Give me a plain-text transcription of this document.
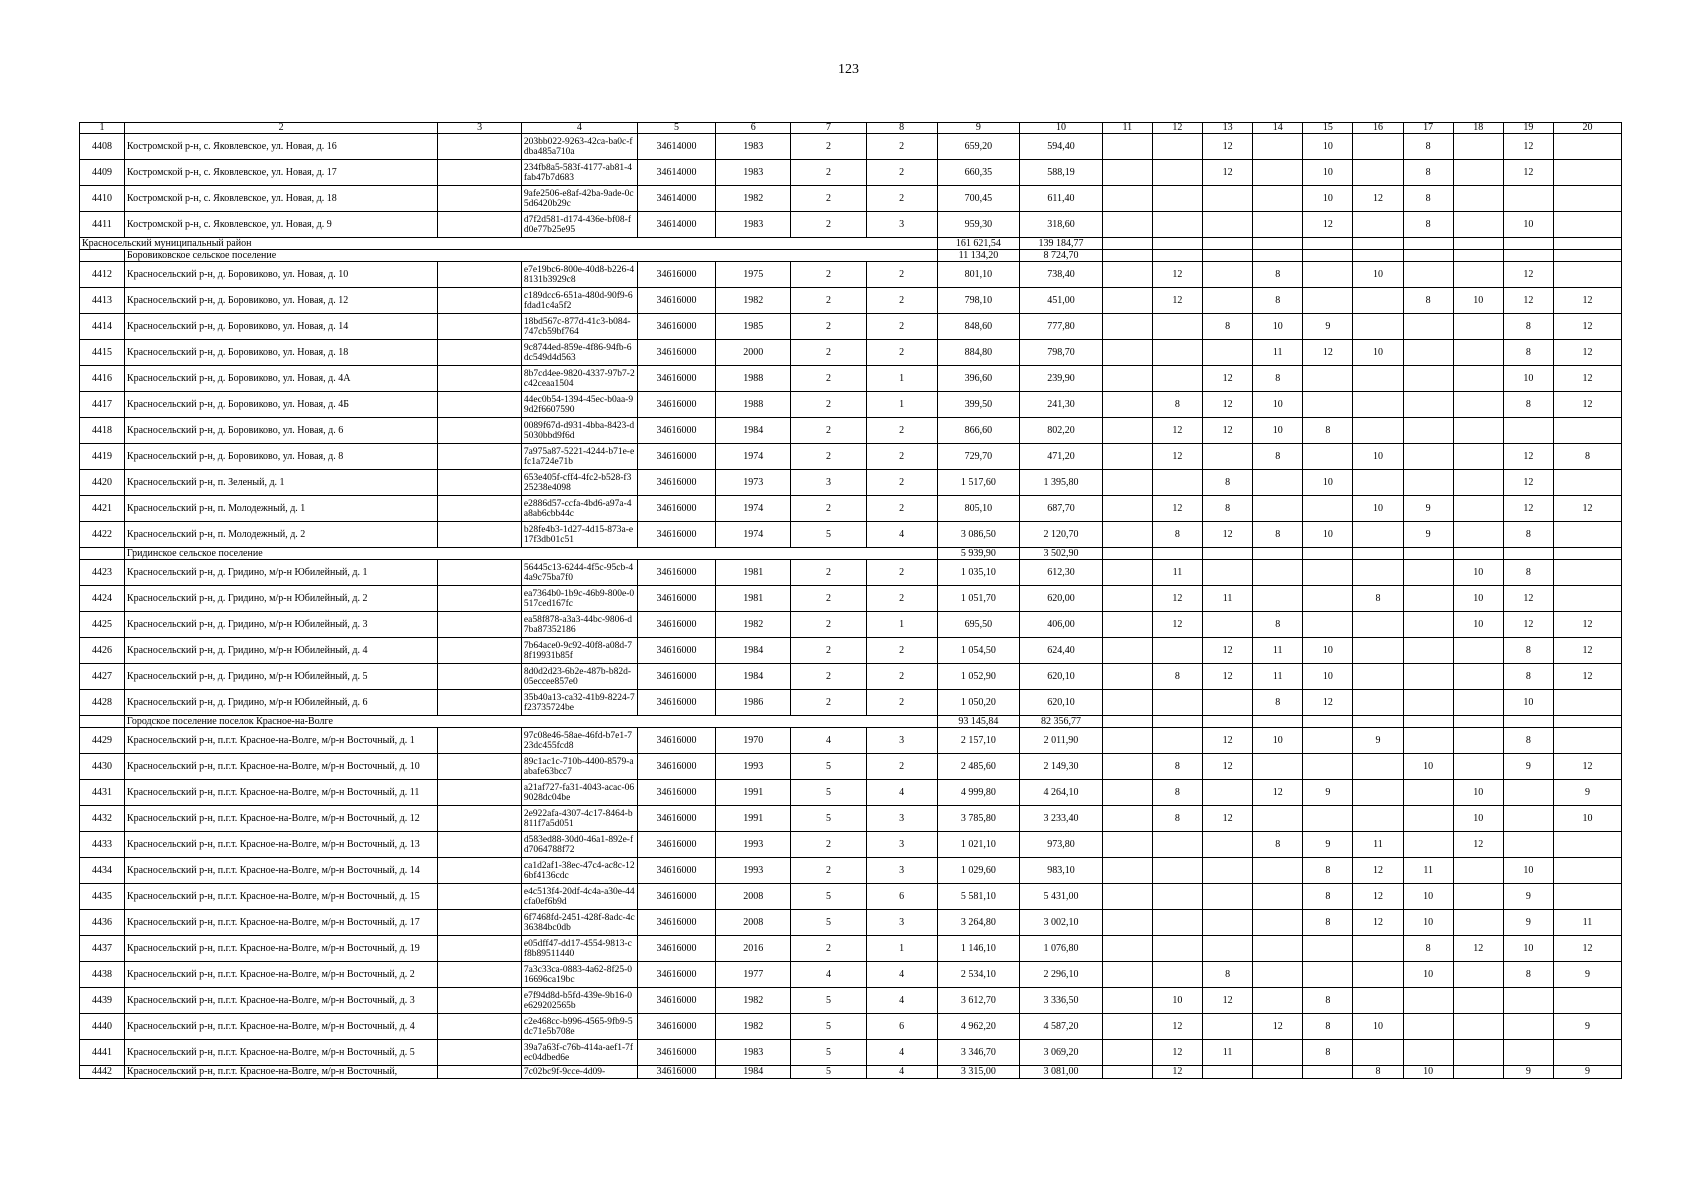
123
1	2	3	4	5	6	7	8	9	10	11	12	13	14	15	16	17	18	19	20
4408	Костромской р-н, с. Яковлевское, ул. Новая, д. 16		203bb022-9263-42ca-ba0c-fdba485a710a	34614000	1983	2	2	659,20	594,40			12		10		8		12	
4409	Костромской р-н, с. Яковлевское, ул. Новая, д. 17		234fb8a5-583f-4177-ab81-4fab47b7d683	34614000	1983	2	2	660,35	588,19			12		10		8		12	
4410	Костромской р-н, с. Яковлевское, ул. Новая, д. 18		9afe2506-e8af-42ba-9ade-0c5d6420b29c	34614000	1982	2	2	700,45	611,40					10	12	8			
4411	Костромской р-н, с. Яковлевское, ул. Новая, д. 9		d7f2d581-d174-436e-bf08-fd0e77b25e95	34614000	1983	2	3	959,30	318,60					12		8		10	
Красносельский муниципальный район								161 621,54	139 184,77										
	Боровиковское сельское поселение							11 134,20	8 724,70										
4412	Красносельский р-н, д. Боровиково, ул. Новая, д. 10		e7e19bc6-800e-40d8-b226-48131b3929c8	34616000	1975	2	2	801,10	738,40		12		8		10			12	
4413	Красносельский р-н, д. Боровиково, ул. Новая, д. 12		c189dcc6-651a-480d-90f9-6fdad1c4a5f2	34616000	1982	2	2	798,10	451,00		12		8			8	10	12	12
4414	Красносельский р-н, д. Боровиково, ул. Новая, д. 14		18bd567c-877d-41c3-b084-747cb59bf764	34616000	1985	2	2	848,60	777,80			8	10	9				8	12
4415	Красносельский р-н, д. Боровиково, ул. Новая, д. 18		9c8744ed-859e-4f86-94fb-6dc549d4d563	34616000	2000	2	2	884,80	798,70				11	12	10			8	12
4416	Красносельский р-н, д. Боровиково, ул. Новая, д. 4А		8b7cd4ee-9820-4337-97b7-2c42ceaa1504	34616000	1988	2	1	396,60	239,90			12	8					10	12
4417	Красносельский р-н, д. Боровиково, ул. Новая, д. 4Б		44ec0b54-1394-45ec-b0aa-99d2f6607590	34616000	1988	2	1	399,50	241,30		8	12	10					8	12
4418	Красносельский р-н, д. Боровиково, ул. Новая, д. 6		0089f67d-d931-4bba-8423-d5030bbd9f6d	34616000	1984	2	2	866,60	802,20		12	12	10	8					
4419	Красносельский р-н, д. Боровиково, ул. Новая, д. 8		7a975a87-5221-4244-b71e-efc1a724e71b	34616000	1974	2	2	729,70	471,20		12		8		10			12	8
4420	Красносельский р-н, п. Зеленый, д. 1		653e405f-cff4-4fc2-b528-f325238e4098	34616000	1973	3	2	1 517,60	1 395,80			8		10				12	
4421	Красносельский р-н, п. Молодежный, д. 1		e2886d57-ccfa-4bd6-a97a-4a8ab6cbb44c	34616000	1974	2	2	805,10	687,70		12	8			10	9		12	12
4422	Красносельский р-н, п. Молодежный, д. 2		b28fe4b3-1d27-4d15-873a-e17f3db01c51	34616000	1974	5	4	3 086,50	2 120,70		8	12	8	10		9		8	
	Гридинское сельское поселение							5 939,90	3 502,90										
4423	Красносельский р-н, д. Гридино, м/р-н Юбилейный, д. 1		56445c13-6244-4f5c-95cb-44a9c75ba7f0	34616000	1981	2	2	1 035,10	612,30		11						10	8	
4424	Красносельский р-н, д. Гридино, м/р-н Юбилейный, д. 2		ea7364b0-1b9c-46b9-800e-0517ced167fc	34616000	1981	2	2	1 051,70	620,00		12	11			8		10	12	
4425	Красносельский р-н, д. Гридино, м/р-н Юбилейный, д. 3		ea58f878-a3a3-44bc-9806-d7ba87352186	34616000	1982	2	1	695,50	406,00		12		8				10	12	12
4426	Красносельский р-н, д. Гридино, м/р-н Юбилейный, д. 4		7b64ace0-9c92-40f8-a08d-78f19931b85f	34616000	1984	2	2	1 054,50	624,40			12	11	10				8	12
4427	Красносельский р-н, д. Гридино, м/р-н Юбилейный, д. 5		8d0d2d23-6b2e-487b-b82d-05eccee857e0	34616000	1984	2	2	1 052,90	620,10		8	12	11	10				8	12
4428	Красносельский р-н, д. Гридино, м/р-н Юбилейный, д. 6		35b40a13-ca32-41b9-8224-7f23735724be	34616000	1986	2	2	1 050,20	620,10				8	12				10	
	Городское поселение поселок Красное-на-Волге							93 145,84	82 356,77										
4429	Красносельский р-н, п.г.т. Красное-на-Волге, м/р-н Восточный, д. 1		97c08e46-58ae-46fd-b7e1-723dc455fcd8	34616000	1970	4	3	2 157,10	2 011,90			12	10		9			8	
4430	Красносельский р-н, п.г.т. Красное-на-Волге, м/р-н Восточный, д. 10		89c1ac1c-710b-4400-8579-aabafe63bcc7	34616000	1993	5	2	2 485,60	2 149,30		8	12				10		9	12
4431	Красносельский р-н, п.г.т. Красное-на-Волге, м/р-н Восточный, д. 11		a21af727-fa31-4043-acac-069028dc04be	34616000	1991	5	4	4 999,80	4 264,10		8		12	9			10		9
4432	Красносельский р-н, п.г.т. Красное-на-Волге, м/р-н Восточный, д. 12		2e922afa-4307-4c17-8464-b811f7a5d051	34616000	1991	5	3	3 785,80	3 233,40		8	12					10		10
4433	Красносельский р-н, п.г.т. Красное-на-Волге, м/р-н Восточный, д. 13		d583ed88-30d0-46a1-892e-fd7064788f72	34616000	1993	2	3	1 021,10	973,80				8	9	11		12		
4434	Красносельский р-н, п.г.т. Красное-на-Волге, м/р-н Восточный, д. 14		ca1d2af1-38ec-47c4-ac8c-126bf4136cdc	34616000	1993	2	3	1 029,60	983,10					8	12	11		10	
4435	Красносельский р-н, п.г.т. Красное-на-Волге, м/р-н Восточный, д. 15		e4c513f4-20df-4c4a-a30e-44cfa0ef6b9d	34616000	2008	5	6	5 581,10	5 431,00					8	12	10		9	
4436	Красносельский р-н, п.г.т. Красное-на-Волге, м/р-н Восточный, д. 17		6f7468fd-2451-428f-8adc-4c36384bc0db	34616000	2008	5	3	3 264,80	3 002,10					8	12	10		9	11
4437	Красносельский р-н, п.г.т. Красное-на-Волге, м/р-н Восточный, д. 19		e05dff47-dd17-4554-9813-cf8b89511440	34616000	2016	2	1	1 146,10	1 076,80							8	12	10	12
4438	Красносельский р-н, п.г.т. Красное-на-Волге, м/р-н Восточный, д. 2		7a3c33ca-0883-4a62-8f25-016696ca19bc	34616000	1977	4	4	2 534,10	2 296,10			8				10		8	9
4439	Красносельский р-н, п.г.т. Красное-на-Волге, м/р-н Восточный, д. 3		e7f94d8d-b5fd-439e-9b16-0e629202565b	34616000	1982	5	4	3 612,70	3 336,50		10	12		8					
4440	Красносельский р-н, п.г.т. Красное-на-Волге, м/р-н Восточный, д. 4		c2e468cc-b996-4565-9fb9-5dc71e5b708e	34616000	1982	5	6	4 962,20	4 587,20		12		12	8	10				9
4441	Красносельский р-н, п.г.т. Красное-на-Волге, м/р-н Восточный, д. 5		39a7a63f-c76b-414a-aef1-7fec04dbed6e	34616000	1983	5	4	3 346,70	3 069,20		12	11		8					
4442	Красносельский р-н, п.г.т. Красное-на-Волге, м/р-н Восточный,		7c02bc9f-9cce-4d09-	34616000	1984	5	4	3 315,00	3 081,00		12				8	10		9	9
